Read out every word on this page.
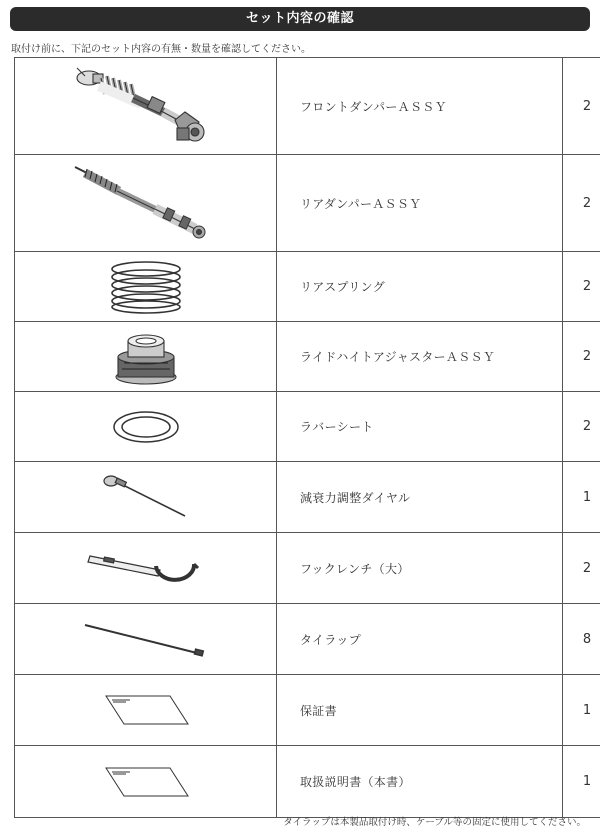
セット内容の確認
取付け前に、下記のセット内容の有無・数量を確認してください。
	フロントダンパーＡＳＳＹ	2

	リアダンパーＡＳＳＹ	2

	リアスプリング	2

	ライドハイトアジャスターＡＳＳＹ	2

	ラバーシート	2

	減衰力調整ダイヤル	1

	フックレンチ（大）	2

	タイラップ	8

	保証書	1

	取扱説明書（本書）	1
タイラップは本製品取付け時、ケーブル等の固定に使用してください。
